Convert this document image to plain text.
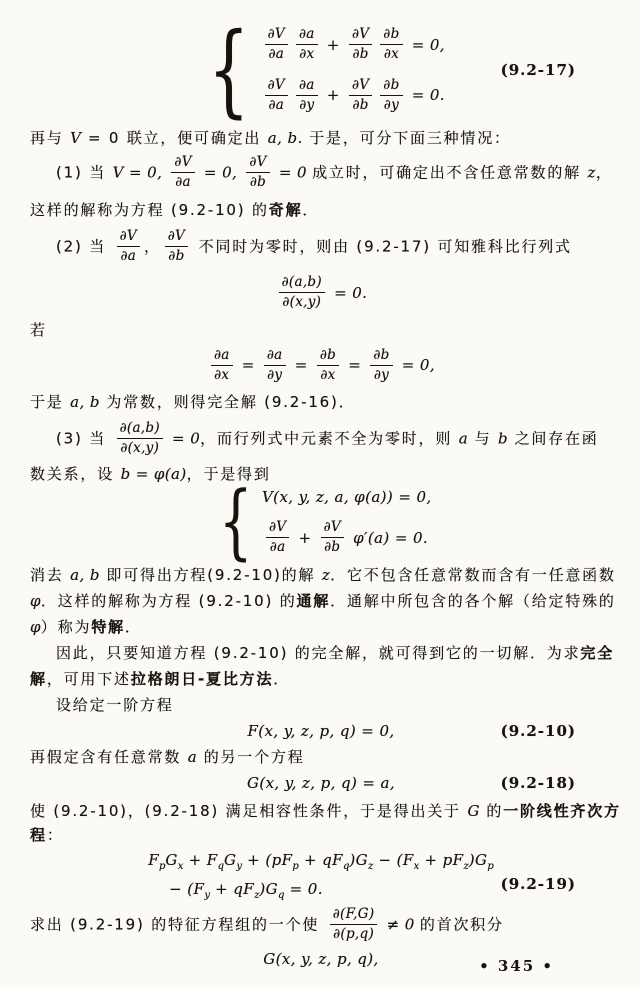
{ $\frac{\partial V}{\partial a} \frac{\partial a}{\partial x} + \frac{\partial V}{\partial b} \frac{\partial b}{\partial x} = 0$,
$\frac{\partial V}{\partial a} \frac{\partial a}{\partial y} + \frac{\partial V}{\partial b} \frac{\partial b}{\partial y} = 0$.
(9.2-17)
再与 V = 0 联立，便可确定出 a, b. 于是，可分下面三种情况：
(1) 当 V = 0, $\frac{\partial V}{\partial a} = 0$, $\frac{\partial V}{\partial b} = 0$ 成立时，可确定出不含任意常数的解 z，
这样的解称为方程 (9.2-10) 的奇解．
(2) 当 $\frac{\partial V}{\partial a}$ ， $\frac{\partial V}{\partial b}$ 不同时为零时，则由 (9.2-17) 可知雅科比行列式
$\frac{\partial(a,b)}{\partial(x,y)} = 0$.
若
$\frac{\partial a}{\partial x} = \frac{\partial a}{\partial y} = \frac{\partial b}{\partial x} = \frac{\partial b}{\partial y} = 0$,
于是 a, b 为常数，则得完全解 (9.2-16)．
(3) 当 $\frac{\partial(a,b)}{\partial(x,y)} = 0$，而行列式中元素不全为零时，则 a 与 b 之间存在函
数关系，设 b = φ(a)，于是得到
{ V(x, y, z, a, φ(a)) = 0,
$\frac{\partial V}{\partial a} + \frac{\partial V}{\partial b} \varphi'(a) = 0$.
消去 a, b 即可得出方程(9.2-10)的解 z．它不包含任意常数而含有一任意函数
φ．这样的解称为方程 (9.2-10) 的通解．通解中所包含的各个解（给定特殊的
φ）称为特解．
因此，只要知道方程 (9.2-10) 的完全解，就可得到它的一切解．为求完全
解，可用下述拉格朗日-夏比方法．
设给定一阶方程
F(x, y, z, p, q) = 0,	(9.2-10)
再假定含有任意常数 a 的另一个方程
G(x, y, z, p, q) = a,	(9.2-18)
使 (9.2-10)，(9.2-18) 满足相容性条件，于是得出关于 G 的一阶线性齐次方
程：
$F_p$ $G_x + F_q$ $G_y$ + ( p $F_p + q$ $F_q$ ) $G_z$ − ( $F_x + p$ $F_z$ ) $G_p$
− ( $F_y + q$ $F_z$ ) $G_q = 0$.	(9.2-19)
求出 (9.2-19) 的特征方程组的一个使 $\frac{\partial(F,G)}{\partial(p,q)} \ne 0$ 的首次积分
G(x, y, z, p, q),	• 345 •
